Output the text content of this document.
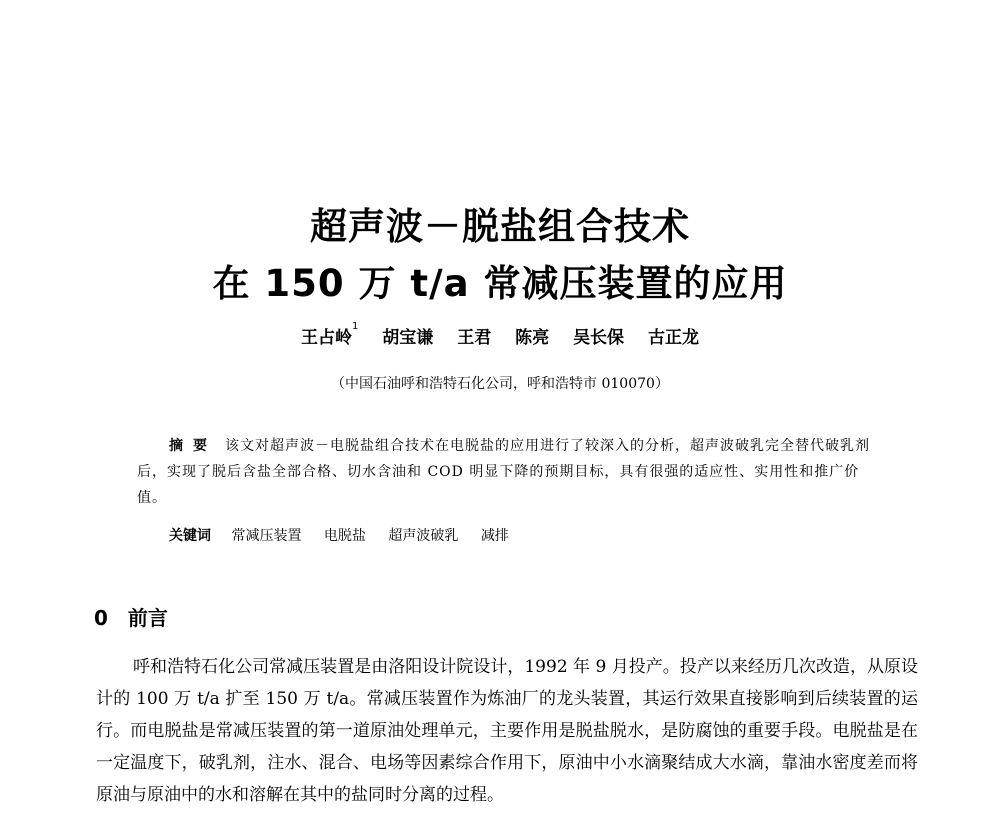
超声波－脱盐组合技术
在 150 万 t/a 常减压装置的应用
王占岭$^1$ 胡宝谦 王君 陈亮 吴长保 古正龙
（中国石油呼和浩特石化公司，呼和浩特市 010070）
摘要 该文对超声波－电脱盐组合技术在电脱盐的应用进行了较深入的分析，超声波破乳完全替代破乳剂后，实现了脱后含盐全部合格、切水含油和 COD 明显下降的预期目标，具有很强的适应性、实用性和推广价值。
关键词 常减压装置 电脱盐 超声波破乳 减排
0 前言
呼和浩特石化公司常减压装置是由洛阳设计院设计，1992 年 9 月投产。投产以来经历几次改造，从原设计的 100 万 t/a 扩至 150 万 t/a。常减压装置作为炼油厂的龙头装置，其运行效果直接影响到后续装置的运行。而电脱盐是常减压装置的第一道原油处理单元，主要作用是脱盐脱水，是防腐蚀的重要手段。电脱盐是在一定温度下，破乳剂，注水、混合、电场等因素综合作用下，原油中小水滴聚结成大水滴，靠油水密度差而将原油与原油中的水和溶解在其中的盐同时分离的过程。
